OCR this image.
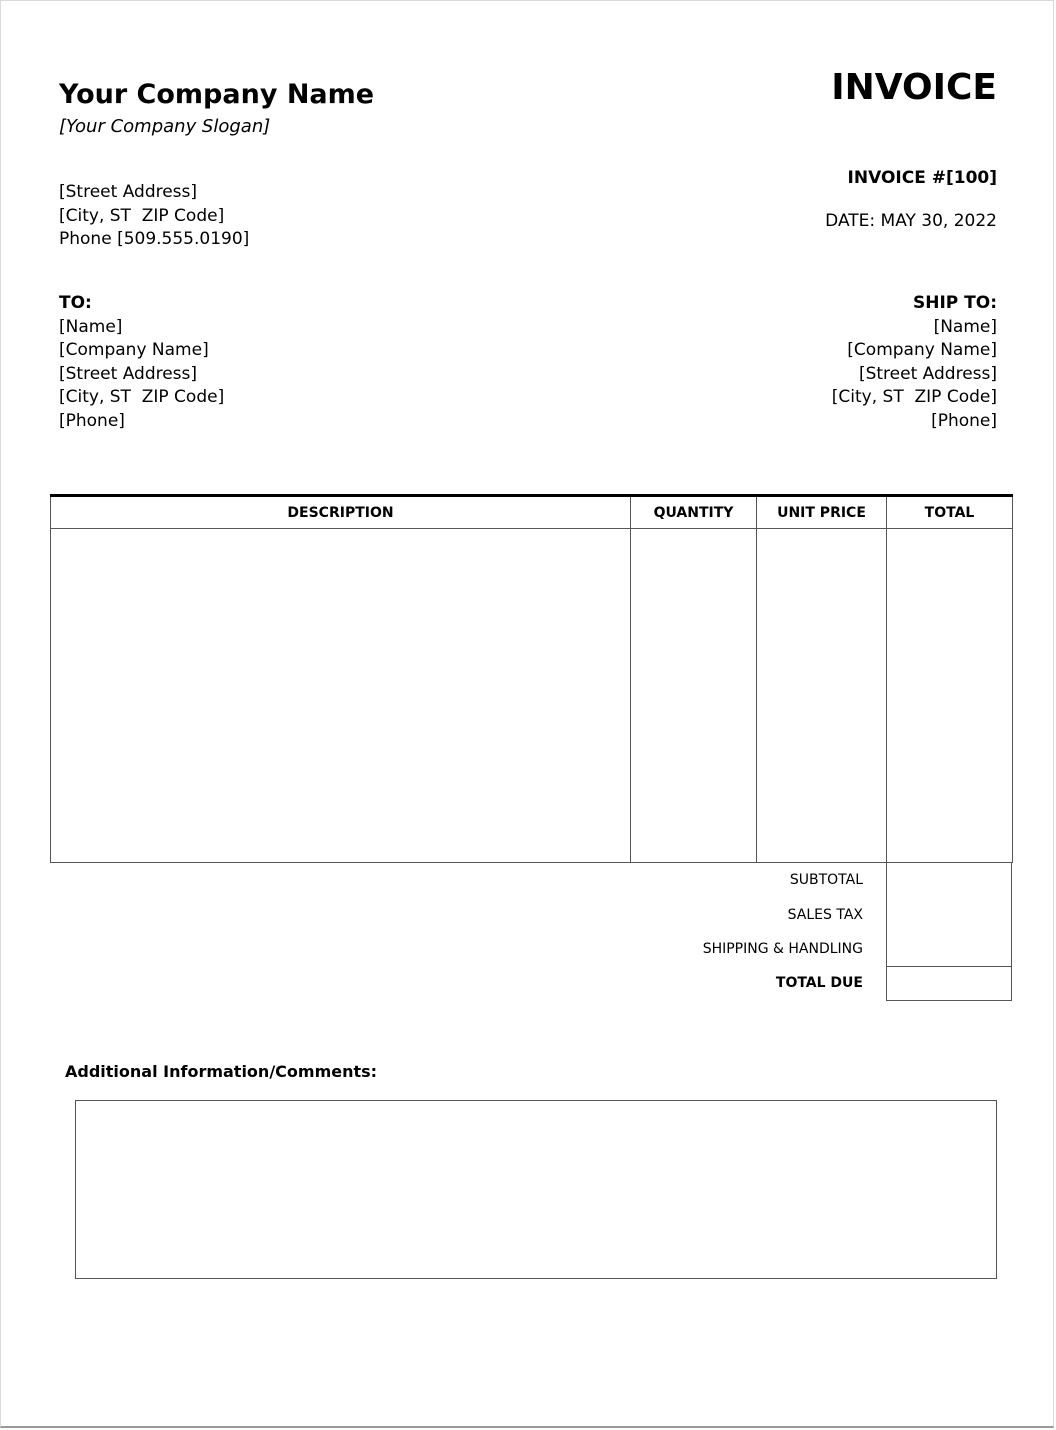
Your Company Name
[Your Company Slogan]
INVOICE
[Street Address]
[City, ST  ZIP Code]
Phone [509.555.0190]
INVOICE #[100]
DATE: MAY 30, 2022
TO:
[Name]
[Company Name]
[Street Address]
[City, ST  ZIP Code]
[Phone]
SHIP TO:
[Name]
[Company Name]
[Street Address]
[City, ST  ZIP Code]
[Phone]
DESCRIPTION	QUANTITY	UNIT PRICE	TOTAL

SUBTOTAL
SALES TAX
SHIPPING & HANDLING
TOTAL DUE
Additional Information/Comments:
